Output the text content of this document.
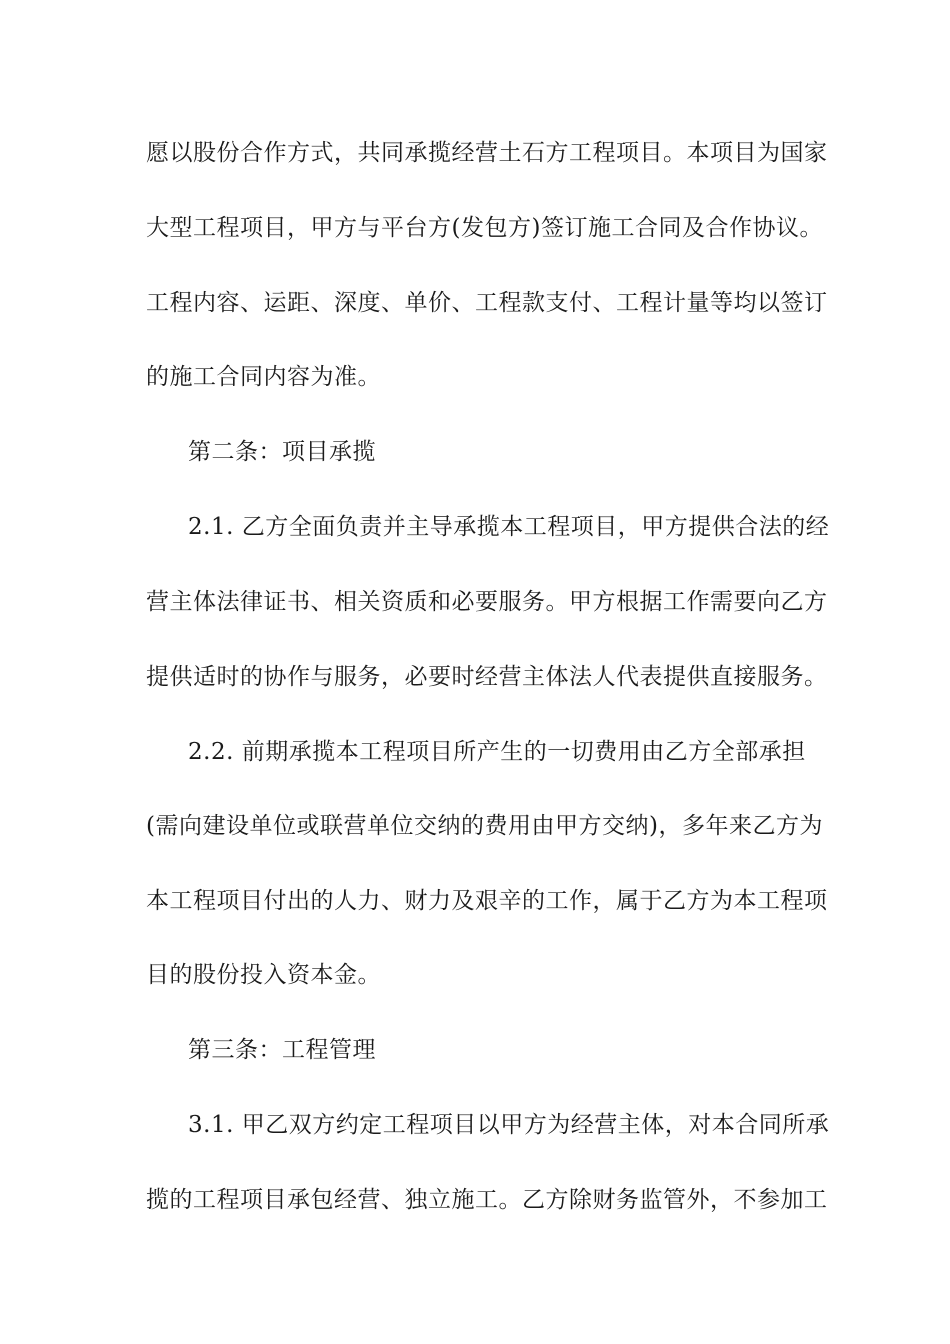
愿以股份合作方式，共同承揽经营土石方工程项目。本项目为国家
大型工程项目，甲方与平台方(发包方)签订施工合同及合作协议。
工程内容、运距、深度、单价、工程款支付、工程计量等均以签订
的施工合同内容为准。
第二条：项目承揽
2.1. 乙方全面负责并主导承揽本工程项目，甲方提供合法的经
营主体法律证书、相关资质和必要服务。甲方根据工作需要向乙方
提供适时的协作与服务，必要时经营主体法人代表提供直接服务。
2.2. 前期承揽本工程项目所产生的一切费用由乙方全部承担
(需向建设单位或联营单位交纳的费用由甲方交纳)，多年来乙方为
本工程项目付出的人力、财力及艰辛的工作，属于乙方为本工程项
目的股份投入资本金。
第三条：工程管理
3.1. 甲乙双方约定工程项目以甲方为经营主体，对本合同所承
揽的工程项目承包经营、独立施工。乙方除财务监管外，不参加工
